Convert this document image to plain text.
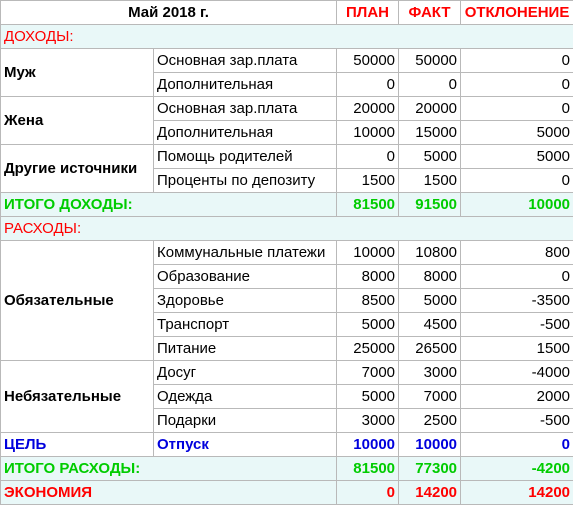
Май 2018 г.		ПЛАН	ФАКТ	ОТКЛОНЕНИЕ
ДОХОДЫ:				
Муж	Основная зар.плата	50000	50000	0
	Дополнительная	0	0	0
Жена	Основная зар.плата	20000	20000	0
	Дополнительная	10000	15000	5000
Другие источники	Помощь родителей	0	5000	5000
	Проценты по депозиту	1500	1500	0
ИТОГО ДОХОДЫ:		81500	91500	10000
РАСХОДЫ:				
Обязательные	Коммунальные платежи	10000	10800	800
	Образование	8000	8000	0
	Здоровье	8500	5000	-3500
	Транспорт	5000	4500	-500
	Питание	25000	26500	1500
Небязательные	Досуг	7000	3000	-4000
	Одежда	5000	7000	2000
	Подарки	3000	2500	-500
ЦЕЛЬ	Отпуск	10000	10000	0
ИТОГО РАСХОДЫ:		81500	77300	-4200
ЭКОНОМИЯ		0	14200	14200
